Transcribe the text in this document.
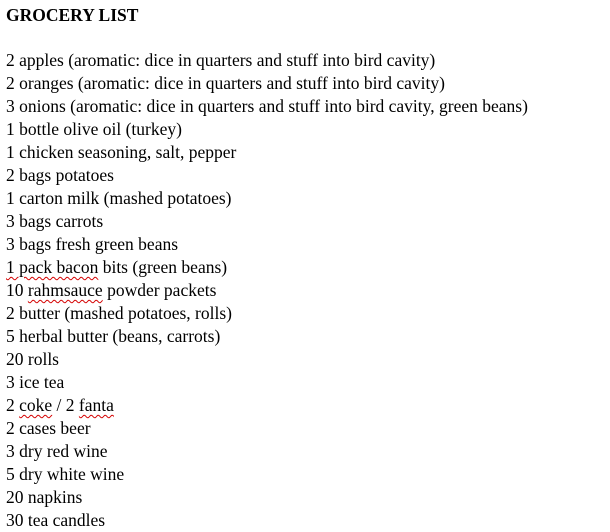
GROCERY LIST
2 apples (aromatic: dice in quarters and stuff into bird cavity)
2 oranges (aromatic: dice in quarters and stuff into bird cavity)
3 onions (aromatic: dice in quarters and stuff into bird cavity, green beans)
1 bottle olive oil (turkey)
1 chicken seasoning, salt, pepper
2 bags potatoes
1 carton milk (mashed potatoes)
3 bags carrots
3 bags fresh green beans
1 pack bacon bits (green beans)
10 rahmsauce powder packets
2 butter (mashed potatoes, rolls)
5 herbal butter (beans, carrots)
20 rolls
3 ice tea
2 coke / 2 fanta
2 cases beer
3 dry red wine
5 dry white wine
20 napkins
30 tea candles
